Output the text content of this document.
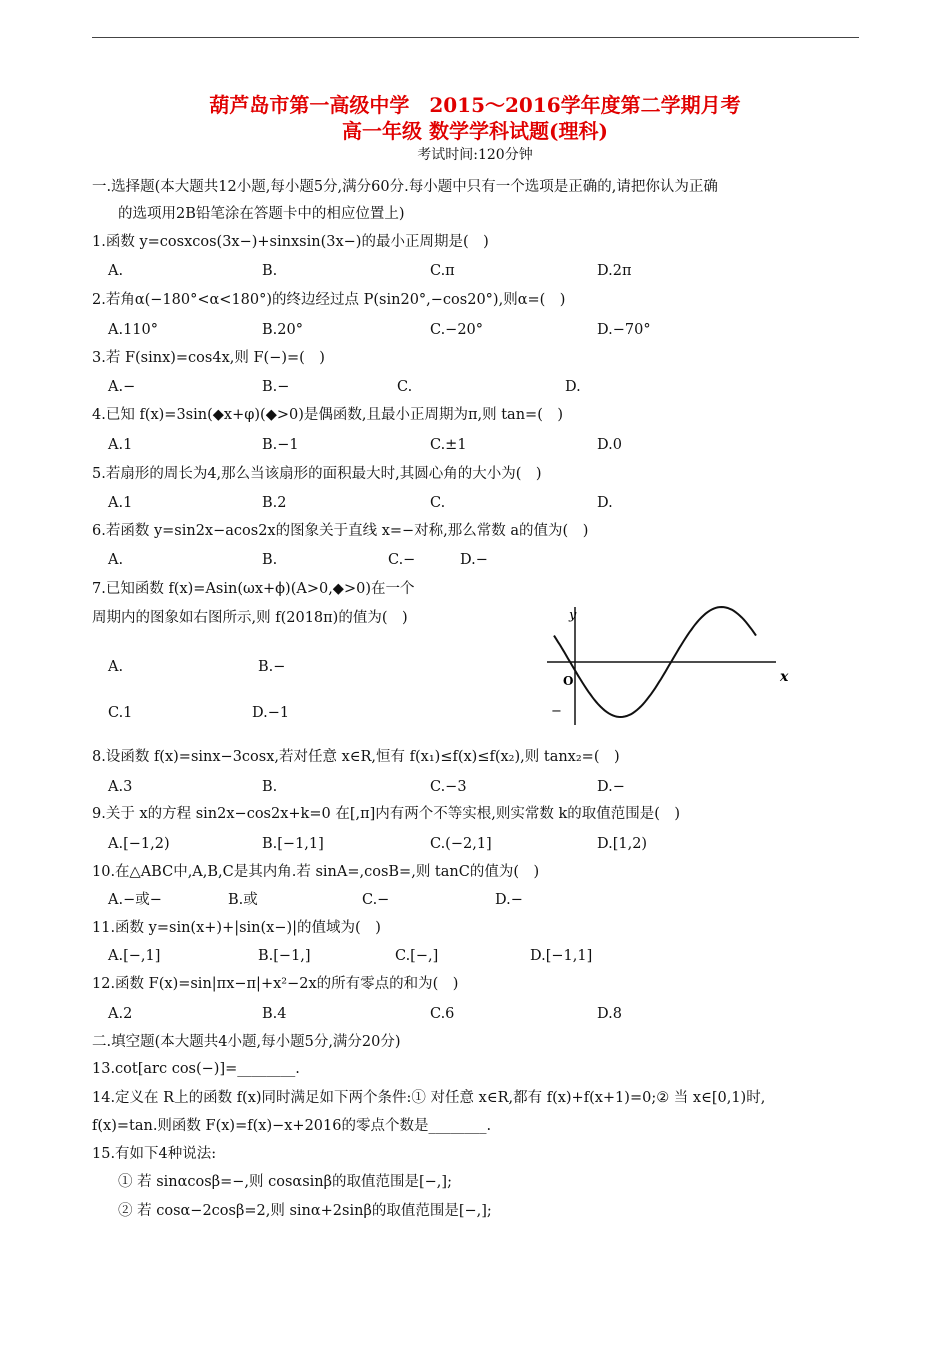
葫芦岛市第一高级中学　2015～2016学年度第二学期月考
高一年级 数学学科试题(理科)
考试时间:120分钟
一.选择题(本大题共12小题,每小题5分,满分60分.每小题中只有一个选项是正确的,请把你认为正确
的选项用2B铅笔涂在答题卡中的相应位置上)
1.函数 y=cosxcos(3x−)+sinxsin(3x−)的最小正周期是(　)
A.	B.	C.π	D.2π
2.若角α(−180°<α<180°)的终边经过点 P(sin20°,−cos20°),则α=(　)
A.110°	B.20°	C.−20°	D.−70°
3.若 F(sinx)=cos4x,则 F(−)=(　)
A.−	B.−	C.	D.
4.已知 f(x)=3sin(◆x+φ)(◆>0)是偶函数,且最小正周期为π,则 tan=(　)
A.1	B.−1	C.±1	D.0
5.若扇形的周长为4,那么当该扇形的面积最大时,其圆心角的大小为(　)
A.1	B.2	C.	D.
6.若函数 y=sin2x−acos2x的图象关于直线 x=−对称,那么常数 a的值为(　)
A.	B.	C.−	D.−
7.已知函数 f(x)=Asin(ωx+ϕ)(A>0,◆>0)在一个
周期内的图象如右图所示,则 f(2018π)的值为(　)
A.	B.−
C.1	D.−1
y
x
O
−
8.设函数 f(x)=sinx−3cosx,若对任意 x∈R,恒有 f(x₁)≤f(x)≤f(x₂),则 tanx₂=(　)
A.3	B.	C.−3	D.−
9.关于 x的方程 sin2x−cos2x+k=0 在[,π]内有两个不等实根,则实常数 k的取值范围是(　)
A.[−1,2)	B.[−1,1]	C.(−2,1]	D.[1,2)
10.在△ABC中,A,B,C是其内角.若 sinA=,cosB=,则 tanC的值为(　)
A.−或−	B.或	C.−	D.−
11.函数 y=sin(x+)+|sin(x−)|的值域为(　)
A.[−,1]	B.[−1,]	C.[−,]	D.[−1,1]
12.函数 F(x)=sin|πx−π|+x²−2x的所有零点的和为(　)
A.2	B.4	C.6	D.8
二.填空题(本大题共4小题,每小题5分,满分20分)
13.cot[arc cos(−)]=________.
14.定义在 R上的函数 f(x)同时满足如下两个条件:① 对任意 x∈R,都有 f(x)+f(x+1)=0;② 当 x∈[0,1)时,
f(x)=tan.则函数 F(x)=f(x)−x+2016的零点个数是________.
15.有如下4种说法:
① 若 sinαcosβ=−,则 cosαsinβ的取值范围是[−,];
② 若 cosα−2cosβ=2,则 sinα+2sinβ的取值范围是[−,];
